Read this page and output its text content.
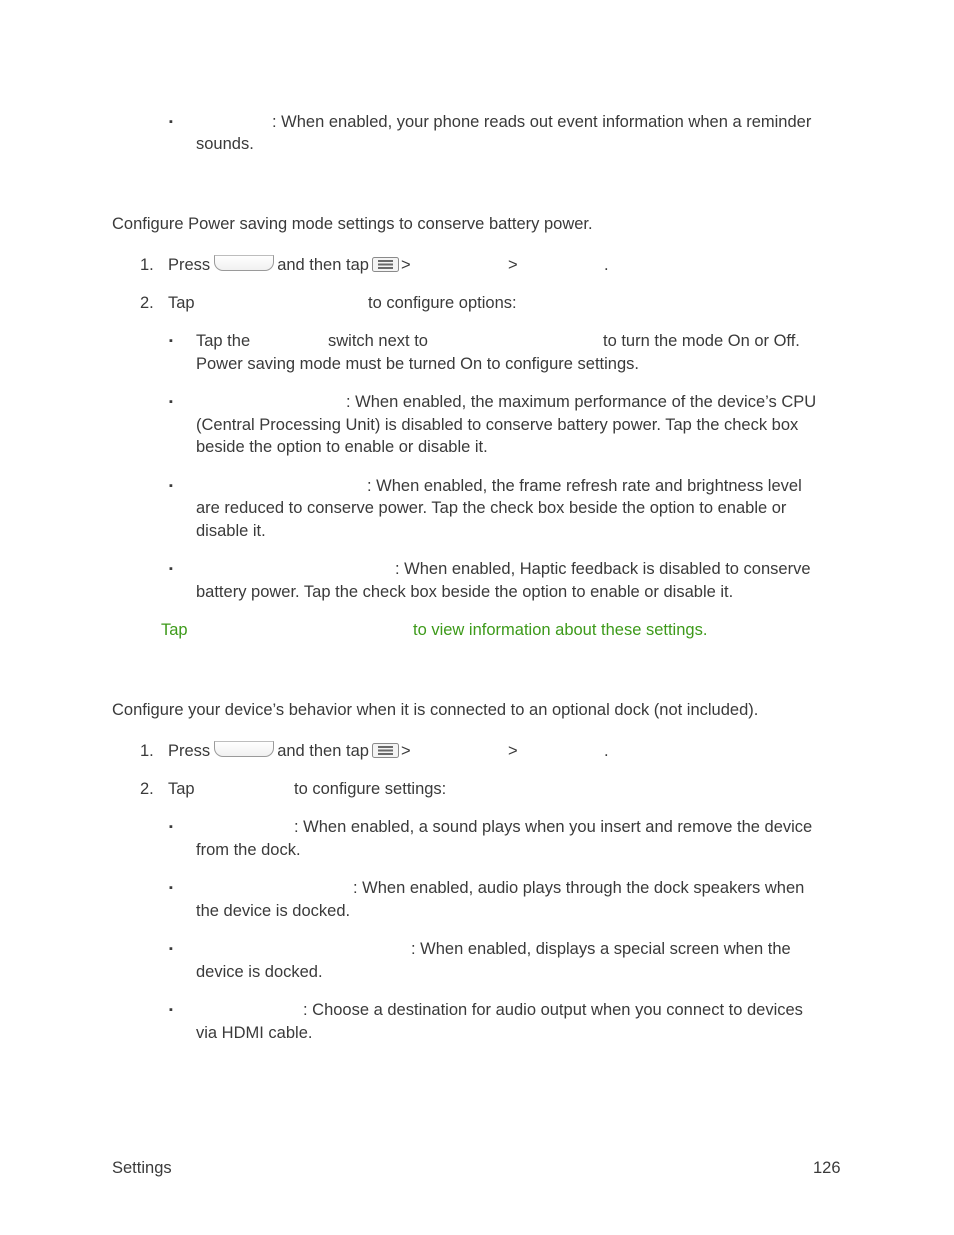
▪	: When enabled, your phone reads out event information when a reminder
sounds.
Configure Power saving mode settings to conserve battery power.
1. Press	and then tap >	>	.
2. Tap	to configure options:
▪ Tap the	switch next to	to turn the mode On or Off.
Power saving mode must be turned On to configure settings.
▪	: When enabled, the maximum performance of the device’s CPU
(Central Processing Unit) is disabled to conserve battery power. Tap the check box
beside the option to enable or disable it.
▪	: When enabled, the frame refresh rate and brightness level
are reduced to conserve power. Tap the check box beside the option to enable or
disable it.
▪	: When enabled, Haptic feedback is disabled to conserve
battery power. Tap the check box beside the option to enable or disable it.
Tap	to view information about these settings.
Configure your device’s behavior when it is connected to an optional dock (not included).
1. Press	and then tap >	>	.
2. Tap	to configure settings:
▪	: When enabled, a sound plays when you insert and remove the device
from the dock.
▪	: When enabled, audio plays through the dock speakers when
the device is docked.
▪	: When enabled, displays a special screen when the
device is docked.
▪	: Choose a destination for audio output when you connect to devices
via HDMI cable.
Settings	126
